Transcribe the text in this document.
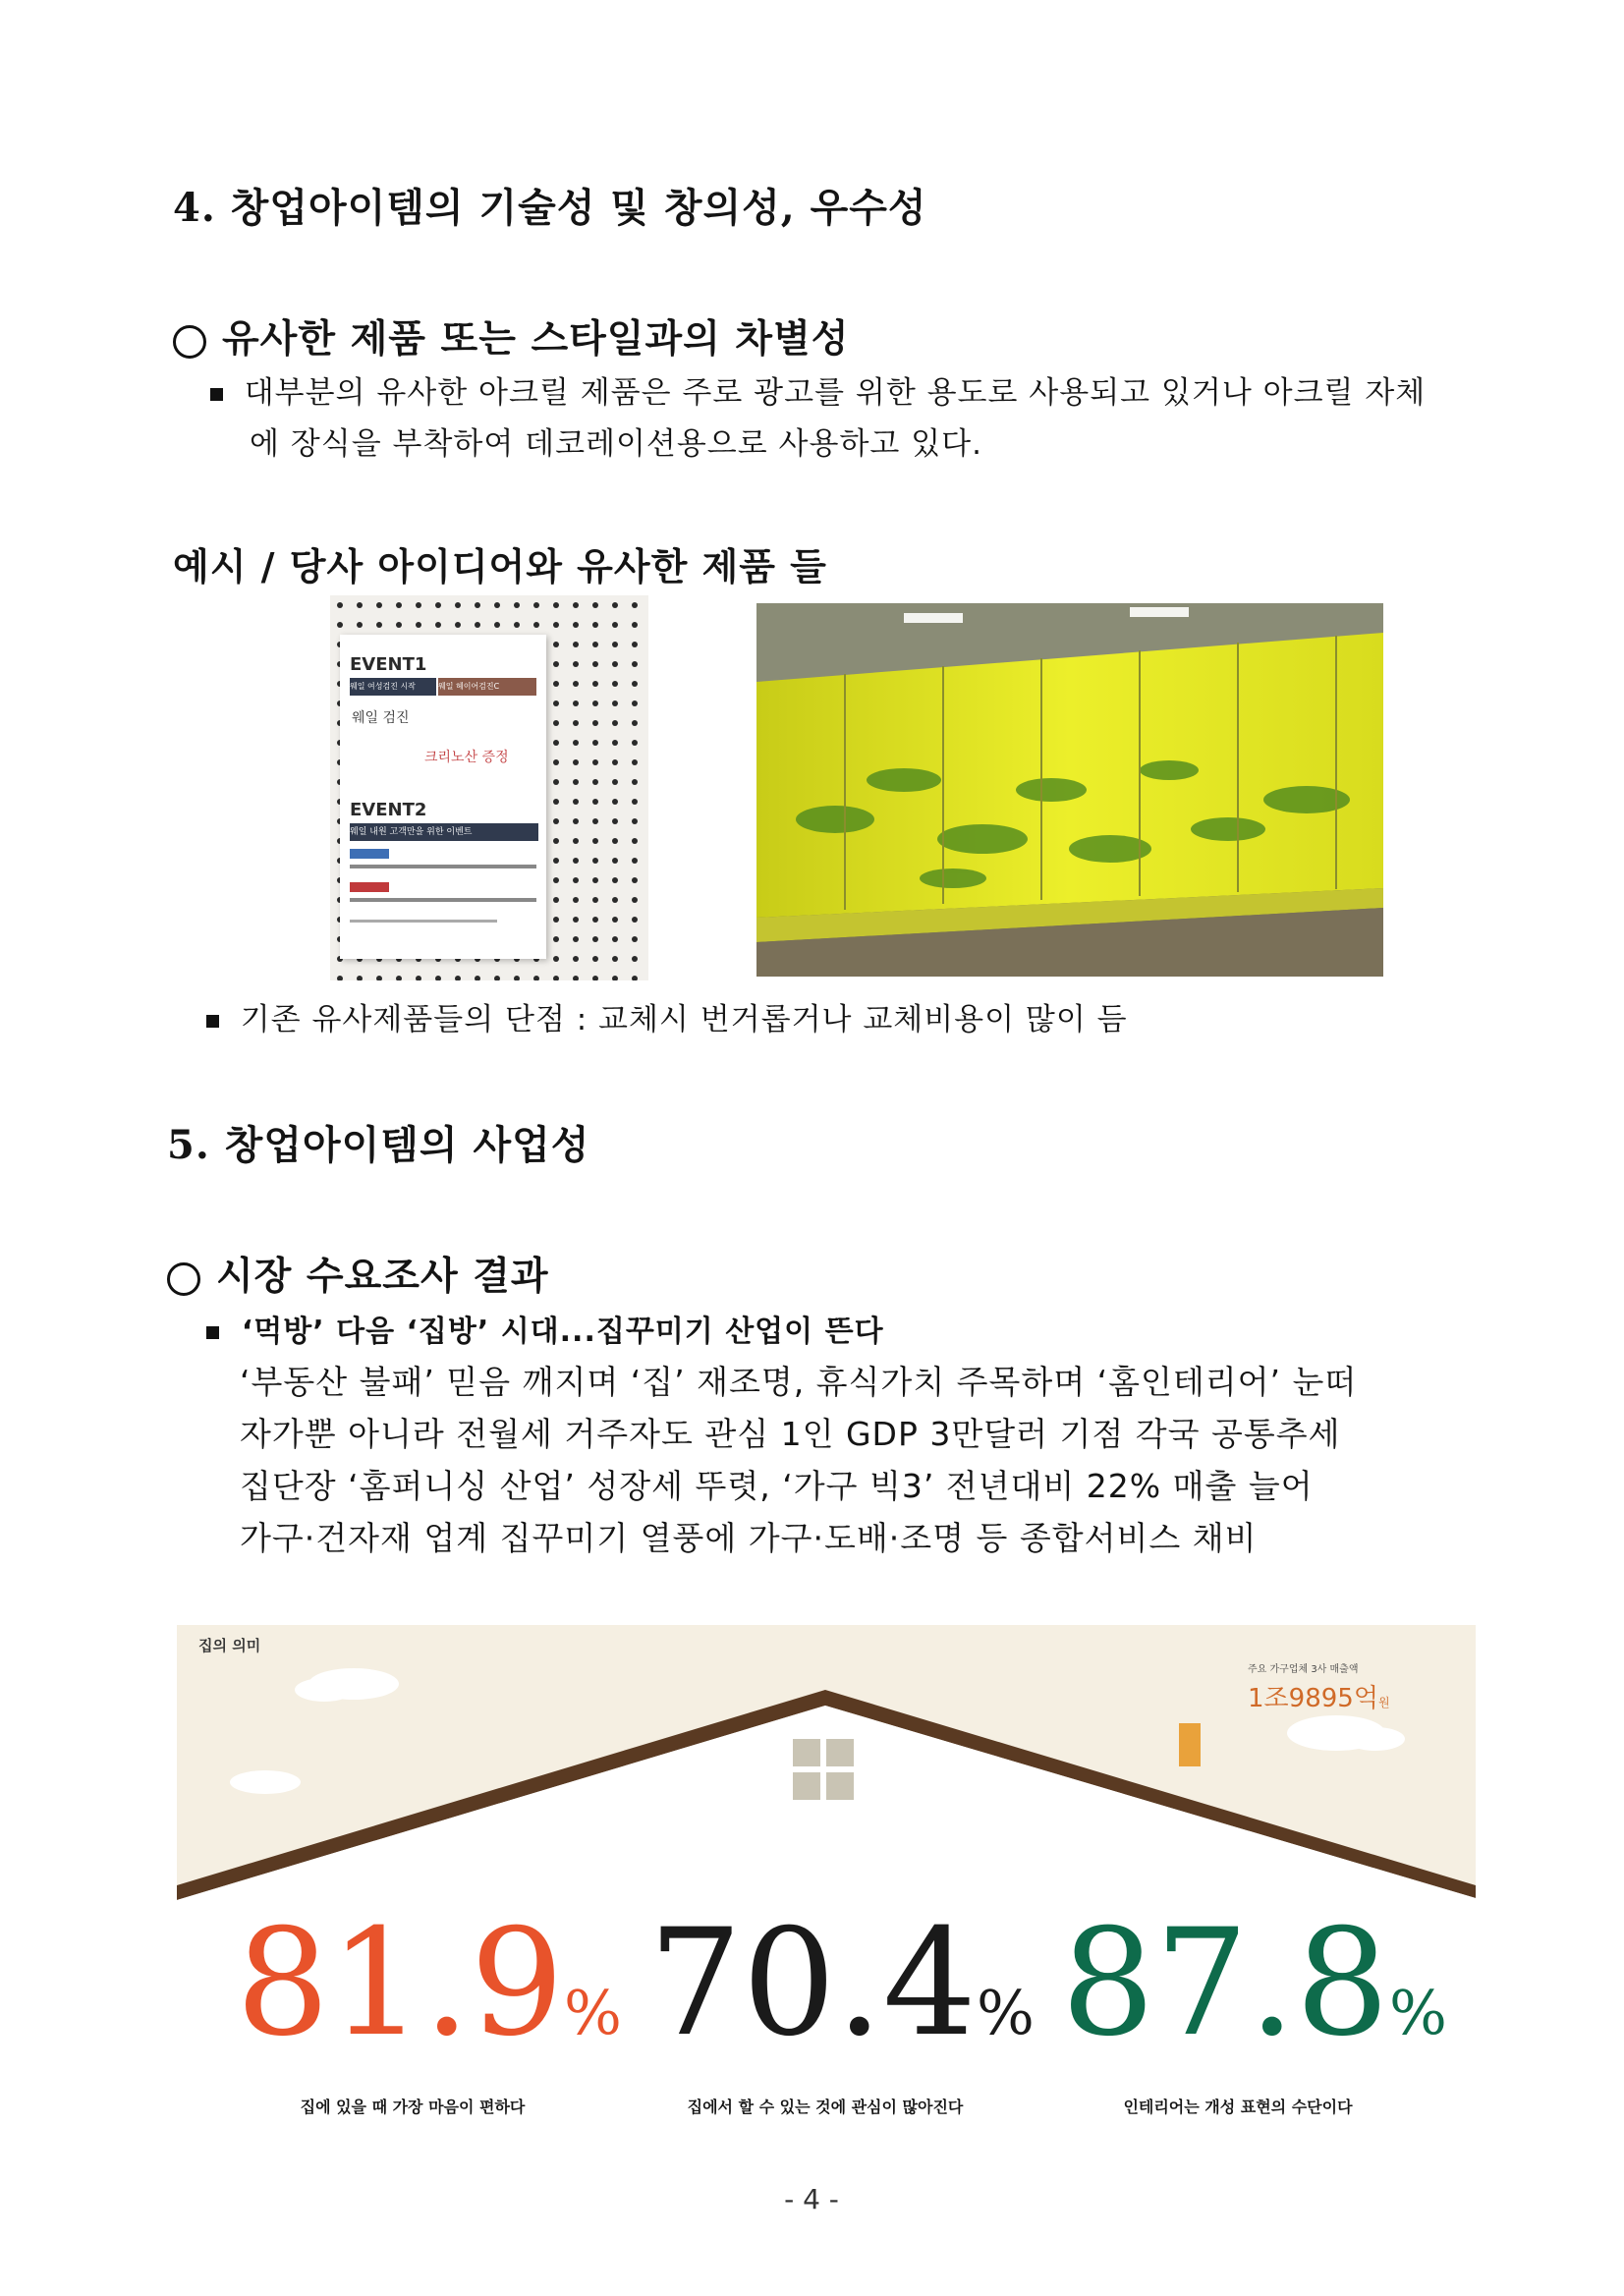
4. 창업아이템의 기술성 및 창의성, 우수성
유사한 제품 또는 스타일과의 차별성
대부분의 유사한 아크릴 제품은 주로 광고를 위한 용도로 사용되고 있거나 아크릴 자체
에 장식을 부착하여 데코레이션용으로 사용하고 있다.
예시 / 당사 아이디어와 유사한 제품 들
EVENT1
웨일 여성검진 시작	웨일 헤이어검진C
웨일 검진
크리노산 증정
EVENT2
웨일 내원 고객만을 위한 이벤트
기존 유사제품들의 단점 : 교체시 번거롭거나 교체비용이 많이 듬
5. 창업아이템의 사업성
시장 수요조사 결과
‘먹방’ 다음 ‘집방’ 시대...집꾸미기 산업이 뜬다
‘부동산 불패’ 믿음 깨지며 ‘집’ 재조명, 휴식가치 주목하며 ‘홈인테리어’ 눈떠
자가뿐 아니라 전월세 거주자도 관심 1인 GDP 3만달러 기점 각국 공통추세
집단장 ‘홈퍼니싱 산업’ 성장세 뚜렷, ‘가구 빅3’ 전년대비 22% 매출 늘어
가구·건자재 업계 집꾸미기 열풍에 가구·도배·조명 등 종합서비스 채비
집의 의미
주요 가구업체 3사 매출액
1조9895억원
81.9%
집에 있을 때 가장 마음이 편하다
70.4%
집에서 할 수 있는 것에 관심이 많아진다
87.8%
인테리어는 개성 표현의 수단이다
- 4 -
